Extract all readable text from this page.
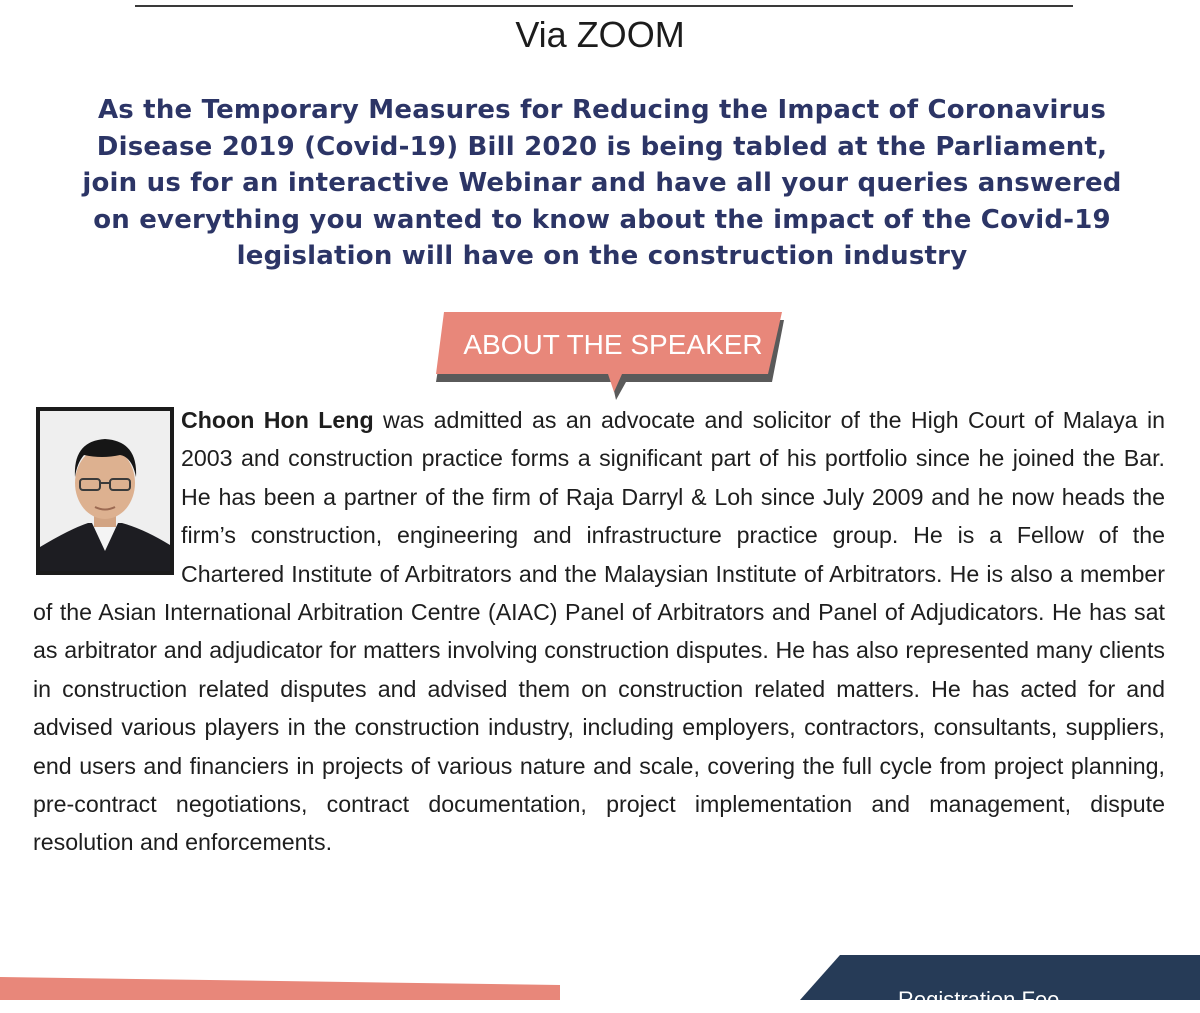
Via ZOOM
As the Temporary Measures for Reducing the Impact of Coronavirus Disease 2019 (Covid-19) Bill 2020 is being tabled at the Parliament, join us for an interactive Webinar and have all your queries answered on everything you wanted to know about the impact of the Covid-19 legislation will have on the construction industry
ABOUT THE SPEAKER
Choon Hon Leng was admitted as an advocate and solicitor of the High Court of Malaya in 2003 and construction practice forms a significant part of his portfolio since he joined the Bar. He has been a partner of the firm of Raja Darryl & Loh since July 2009 and he now heads the firm’s construction, engineering and infrastructure practice group. He is a Fellow of the Chartered Institute of Arbitrators and the Malaysian Institute of Arbitrators. He is also a member of the Asian International Arbitration Centre (AIAC) Panel of Arbitrators and Panel of Adjudicators. He has sat as arbitrator and adjudicator for matters involving construction disputes. He has also represented many clients in construction related disputes and advised them on construction related matters. He has acted for and advised various players in the construction industry, including employers, contractors, consultants, suppliers, end users and financiers in projects of various nature and scale, covering the full cycle from project planning, pre-contract negotiations, contract documentation, project implementation and management, dispute resolution and enforcements.
Registration Fee
